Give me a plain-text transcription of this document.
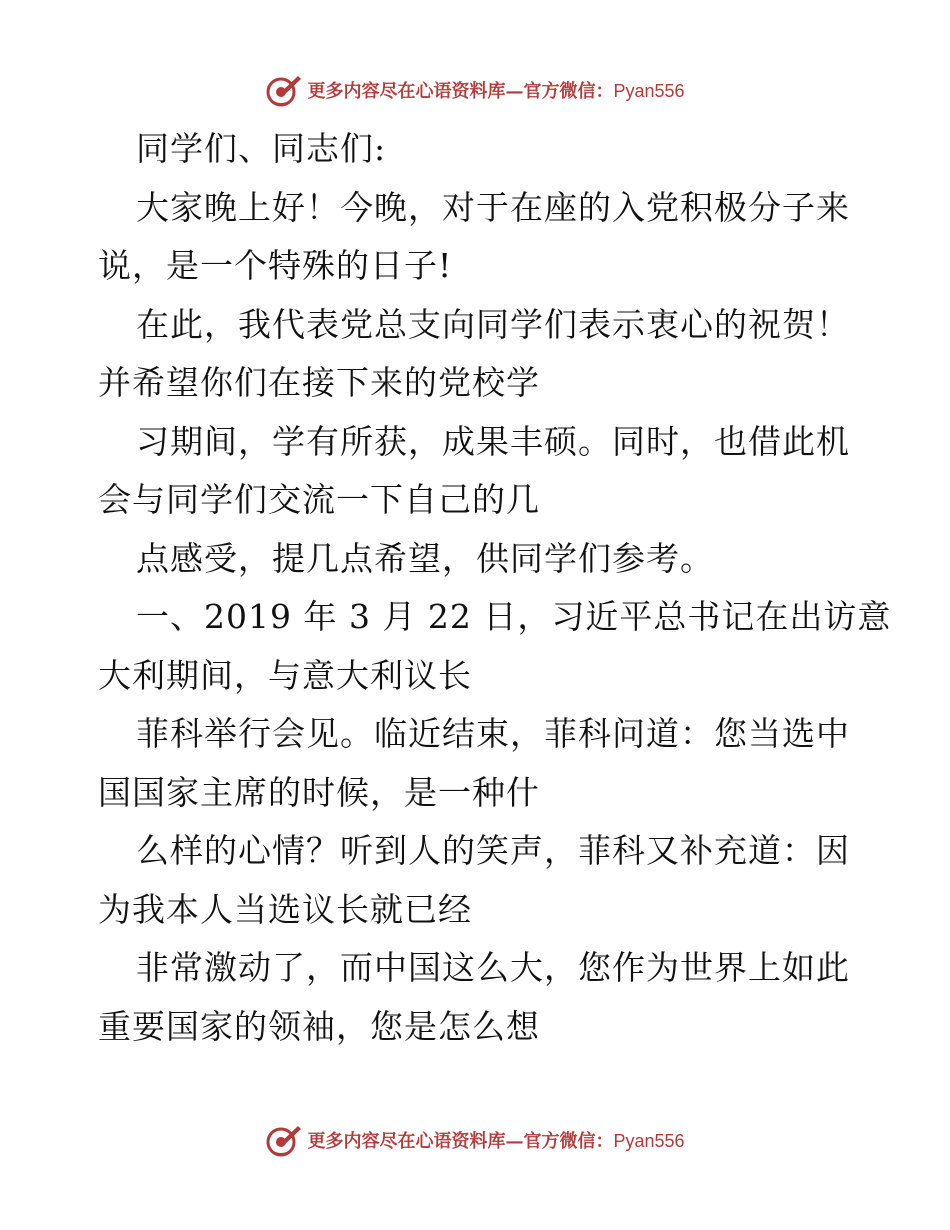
更多内容尽在心语资料库—官方微信：Pyan556
同学们、同志们:
大家晚上好！今晚，对于在座的入党积极分子来
说，是一个特殊的日子!
在此，我代表党总支向同学们表示衷心的祝贺！
并希望你们在接下来的党校学
习期间，学有所获，成果丰硕。同时，也借此机
会与同学们交流一下自己的几
点感受，提几点希望，供同学们参考。
一、2019 年 3 月 22 日，习近平总书记在出访意
大利期间，与意大利议长
菲科举行会见。临近结束，菲科问道：您当选中
国国家主席的时候，是一种什
么样的心情？听到人的笑声，菲科又补充道：因
为我本人当选议长就已经
非常激动了，而中国这么大，您作为世界上如此
重要国家的领袖，您是怎么想
更多内容尽在心语资料库—官方微信：Pyan556
